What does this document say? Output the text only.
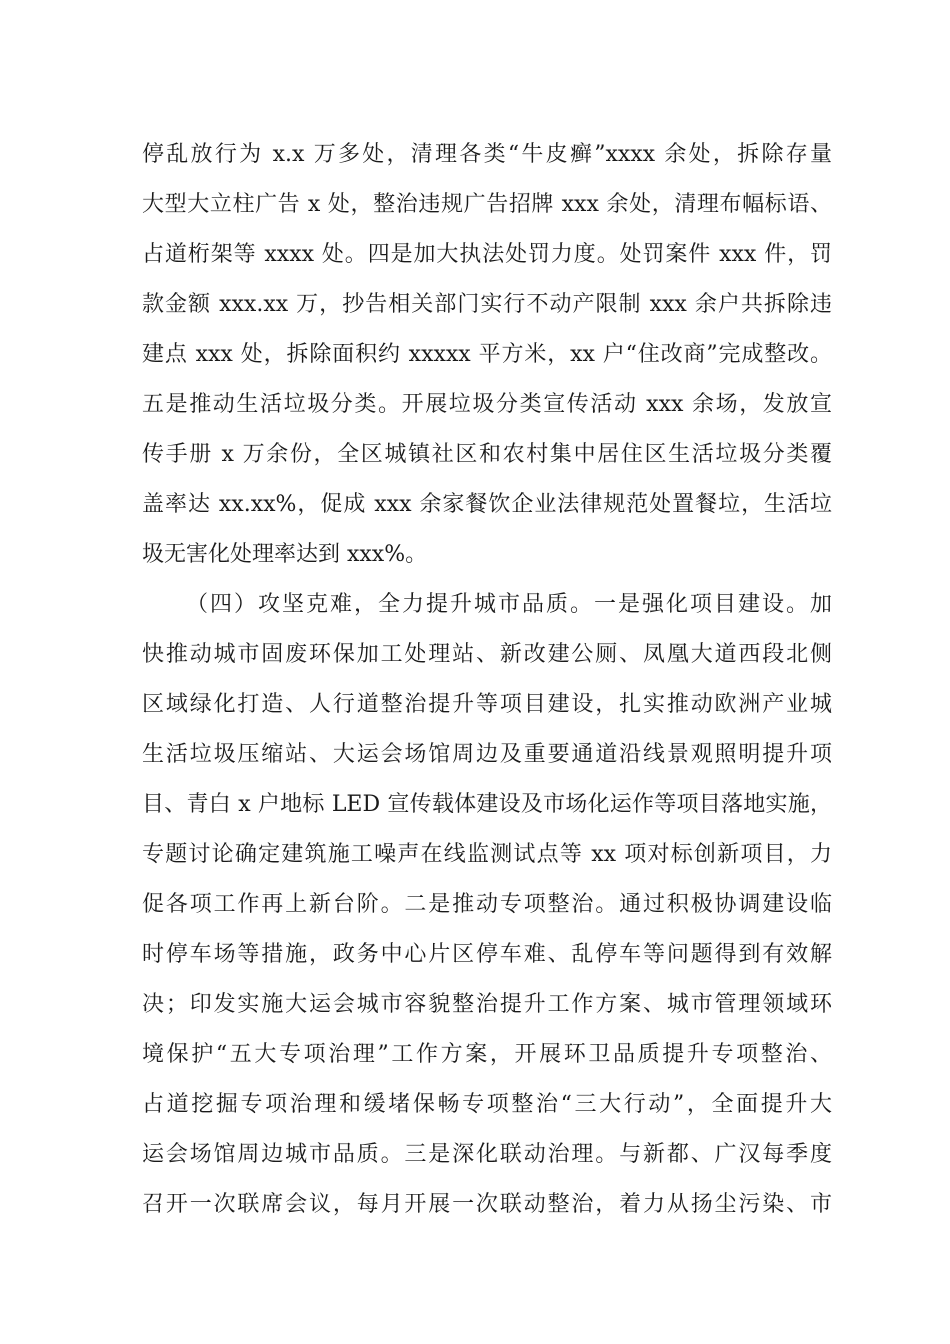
停乱放行为 x.x 万多处，清理各类“牛皮癣”xxxx 余处，拆除存量
大型大立柱广告 x 处，整治违规广告招牌 xxx 余处，清理布幅标语、
占道桁架等 xxxx 处。四是加大执法处罚力度。处罚案件 xxx 件，罚
款金额 xxx.xx 万，抄告相关部门实行不动产限制 xxx 余户共拆除违
建点 xxx 处，拆除面积约 xxxxx 平方米，xx 户“住改商”完成整改。
五是推动生活垃圾分类。开展垃圾分类宣传活动 xxx 余场，发放宣
传手册 x 万余份，全区城镇社区和农村集中居住区生活垃圾分类覆
盖率达 xx.xx%，促成 xxx 余家餐饮企业法律规范处置餐垃，生活垃
圾无害化处理率达到 xxx%。
（四）攻坚克难，全力提升城市品质。一是强化项目建设。加
快推动城市固废环保加工处理站、新改建公厕、凤凰大道西段北侧
区域绿化打造、人行道整治提升等项目建设，扎实推动欧洲产业城
生活垃圾压缩站、大运会场馆周边及重要通道沿线景观照明提升项
目、青白 x 户地标 LED 宣传载体建设及市场化运作等项目落地实施，
专题讨论确定建筑施工噪声在线监测试点等 xx 项对标创新项目，力
促各项工作再上新台阶。二是推动专项整治。通过积极协调建设临
时停车场等措施，政务中心片区停车难、乱停车等问题得到有效解
决；印发实施大运会城市容貌整治提升工作方案、城市管理领域环
境保护“五大专项治理”工作方案，开展环卫品质提升专项整治、
占道挖掘专项治理和缓堵保畅专项整治“三大行动”，全面提升大
运会场馆周边城市品质。三是深化联动治理。与新都、广汉每季度
召开一次联席会议，每月开展一次联动整治，着力从扬尘污染、市
